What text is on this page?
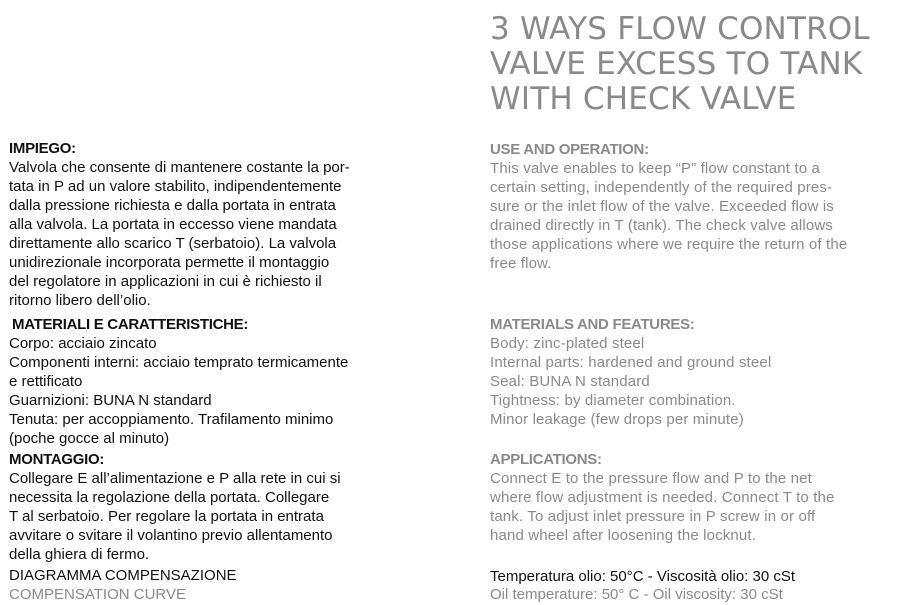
3 WAYS FLOW CONTROL
VALVE EXCESS TO TANK
WITH CHECK VALVE
IMPIEGO:
Valvola che consente di mantenere costante la por-
tata in P ad un valore stabilito, indipendentemente
dalla pressione richiesta e dalla portata in entrata
alla valvola. La portata in eccesso viene mandata
direttamente allo scarico T (serbatoio). La valvola
unidirezionale incorporata permette il montaggio
del regolatore in applicazioni in cui è richiesto il
ritorno libero dell’olio.
MATERIALI E CARATTERISTICHE:
Corpo: acciaio zincato
Componenti interni: acciaio temprato termicamente
e rettificato
Guarnizioni: BUNA N standard
Tenuta: per accoppiamento. Trafilamento minimo
(poche gocce al minuto)
MONTAGGIO:
Collegare E all’alimentazione e P alla rete in cui si
necessita la regolazione della portata. Collegare
T al serbatoio. Per regolare la portata in entrata
avvitare o svitare il volantino previo allentamento
della ghiera di fermo.
DIAGRAMMA COMPENSAZIONE
COMPENSATION CURVE
USE AND OPERATION:
This valve enables to keep “P” flow constant to a
certain setting, independently of the required pres-
sure or the inlet flow of the valve. Exceeded flow is
drained directly in T (tank). The check valve allows
those applications where we require the return of the
free flow.
MATERIALS AND FEATURES:
Body: zinc-plated steel
Internal parts: hardened and ground steel
Seal: BUNA N standard
Tightness: by diameter combination.
Minor leakage (few drops per minute)
APPLICATIONS:
Connect E to the pressure flow and P to the net
where flow adjustment is needed. Connect T to the
tank. To adjust inlet pressure in P screw in or off
hand wheel after loosening the locknut.
Temperatura olio: 50°C - Viscosità olio: 30 cSt
Oil temperature: 50° C - Oil viscosity: 30 cSt
